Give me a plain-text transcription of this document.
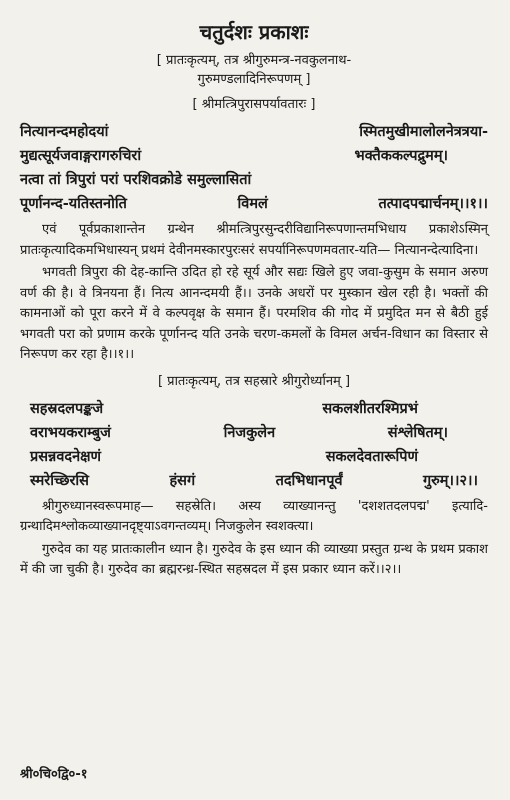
चतुर्दशः प्रकाशः

[ प्रातःकृत्यम्, तत्र श्रीगुरुमन्त्र-नवकुलनाथ-

गुरुमण्डलादिनिरूपणम् ]

[ श्रीमत्त्रिपुरासपर्यावतारः ]

नित्यानन्दमहोदयां	स्मितमुखीमालोलनेत्रत्रया-
मुद्यत्सूर्यजवाङ्गरागरुचिरां	भक्तैककल्पद्रुमम्।
नत्वा तां त्रिपुरां परां परशिवक्रोडे समुल्लासितां
पूर्णानन्द-यतिस्तनोति	विमलं	तत्पादपद्मार्चनम्।।१।।

एवं पूर्वप्रकाशान्तेन ग्रन्थेन श्रीमत्त्रिपुरसुन्दरीविद्यानिरूपणान्तमभिधाय प्रकाशेऽस्मिन् प्रातःकृत्यादिकमभिधास्यन् प्रथमं देवीनमस्कारपुरःसरं सपर्यानिरूपणमवतार-यति— नित्यानन्देत्यादिना।

भगवती त्रिपुरा की देह-कान्ति उदित हो रहे सूर्य और सद्यः खिले हुए जवा-कुसुम के समान अरुण वर्ण की है। वे त्रिनयना हैं। नित्य आनन्दमयी हैं।। उनके अधरों पर मुस्कान खेल रही है। भक्तों की कामनाओं को पूरा करने में वे कल्पवृक्ष के समान हैं। परमशिव की गोद में प्रमुदित मन से बैठी हुई भगवती परा को प्रणाम करके पूर्णानन्द यति उनके चरण-कमलों के विमल अर्चन-विधान का विस्तार से निरूपण कर रहा है।।१।।

[ प्रातःकृत्यम्, तत्र सहस्रारे श्रीगुरोर्ध्यानम् ]

सहस्रदलपङ्कजे	सकलशीतरश्मिप्रभं
वराभयकराम्बुजं	निजकुलेन	संश्लेषितम्।
प्रसन्नवदनेक्षणं	सकलदेवतारूपिणं
स्मरेच्छिरसि	हंसगं	तदभिधानपूर्वं	गुरुम्।।२।।

श्रीगुरुध्यानस्वरूपमाह— सहस्रेति। अस्य व्याख्यानन्तु 'दशशतदलपद्म' इत्यादि-ग्रन्थादिमश्लोकव्याख्यानदृष्ट्याऽवगन्तव्यम्। निजकुलेन स्वशक्त्या।

गुरुदेव का यह प्रातःकालीन ध्यान है। गुरुदेव के इस ध्यान की व्याख्या प्रस्तुत ग्रन्थ के प्रथम प्रकाश में की जा चुकी है। गुरुदेव का ब्रह्मरन्ध्र-स्थित सहस्रदल में इस प्रकार ध्यान करें।।२।।

श्री०चि०द्वि०-१
